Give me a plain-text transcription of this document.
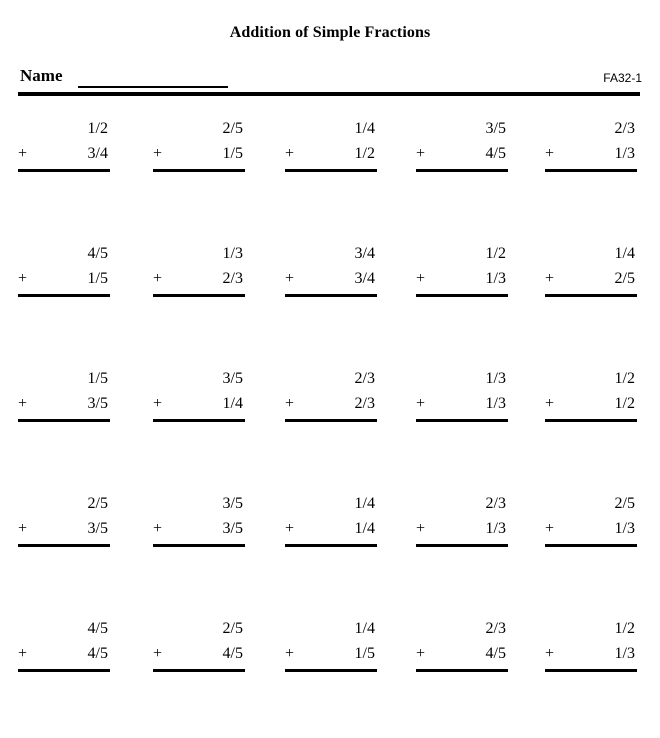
Addition of Simple Fractions
Name	FA32-1
1/2
+	3/4
2/5
+	1/5
1/4
+	1/2
3/5
+	4/5
2/3
+	1/3
4/5
+	1/5
1/3
+	2/3
3/4
+	3/4
1/2
+	1/3
1/4
+	2/5
1/5
+	3/5
3/5
+	1/4
2/3
+	2/3
1/3
+	1/3
1/2
+	1/2
2/5
+	3/5
3/5
+	3/5
1/4
+	1/4
2/3
+	1/3
2/5
+	1/3
4/5
+	4/5
2/5
+	4/5
1/4
+	1/5
2/3
+	4/5
1/2
+	1/3
